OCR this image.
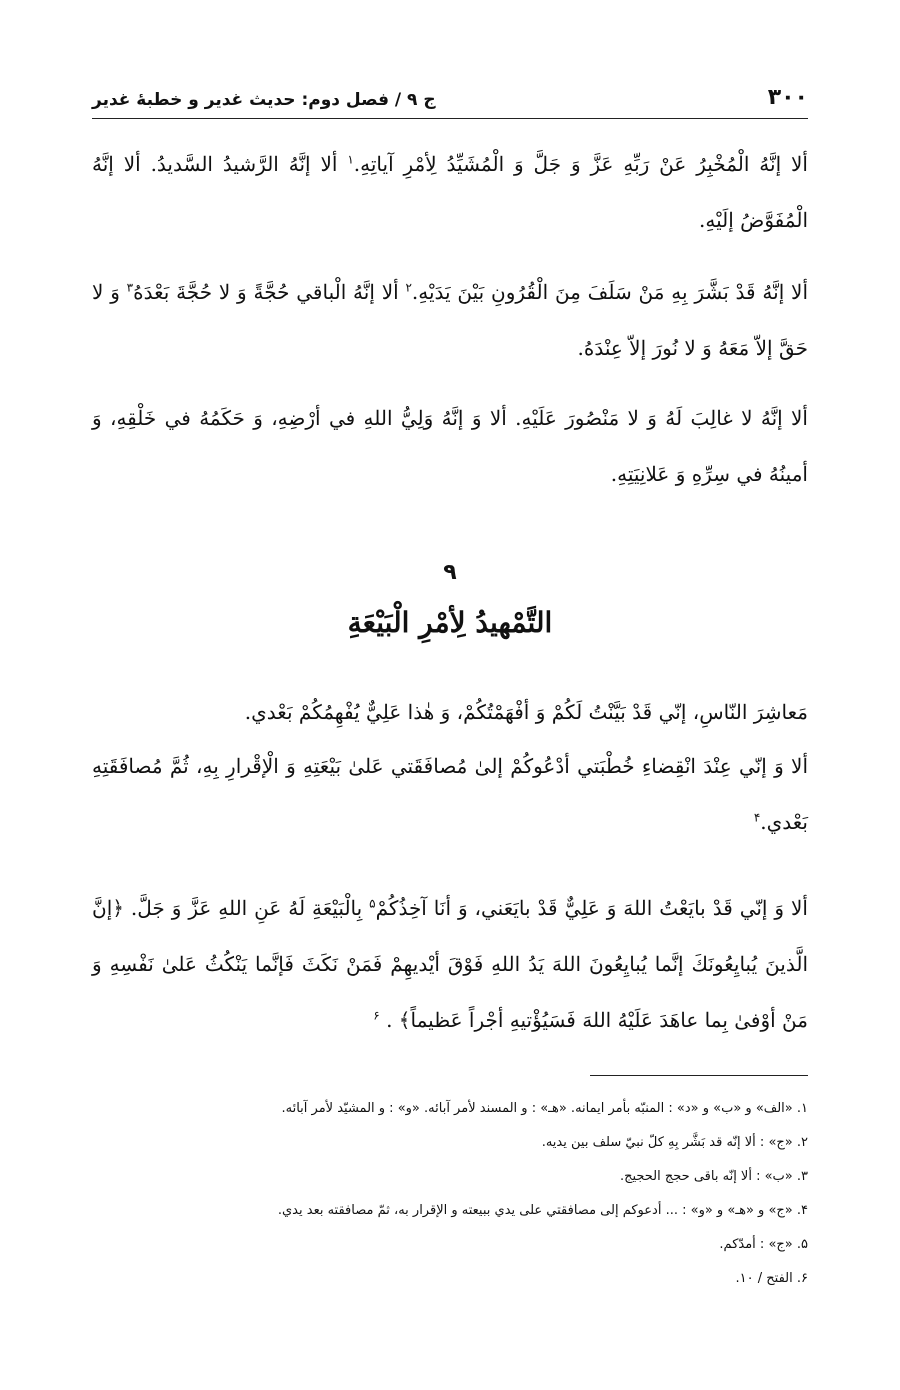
۳۰۰
ج ۹ / فصل دوم: حدیث غدیر و خطبهٔ غدیر

ألا إنَّهُ الْمُخْبِرُ عَنْ رَبِّهِ عَزَّ وَ جَلَّ وَ الْمُشَيِّدُ لِأمْرِ آياتِهِ.$^١$ ألا إنَّهُ الرَّشيدُ السَّديدُ. ألا إنَّهُ الْمُفَوَّضُ إلَيْهِ.

ألا إنَّهُ قَدْ بَشَّرَ بِهِ مَنْ سَلَفَ مِنَ الْقُرُونِ بَيْنَ يَدَيْهِ.$^٢$ ألا إنَّهُ الْباقي حُجَّةً وَ لا حُجَّةَ بَعْدَهُ$^٣$ وَ لا حَقَّ إلاّ مَعَهُ وَ لا نُورَ إلاّ عِنْدَهُ.

ألا إنَّهُ لا غالِبَ لَهُ وَ لا مَنْصُورَ عَلَيْهِ. ألا وَ إنَّهُ وَلِيُّ اللهِ في أرْضِهِ، وَ حَكَمُهُ في خَلْقِهِ، وَ أمينُهُ في سِرِّهِ وَ عَلانِيَتِهِ.

۹
التَّمْهيدُ لِأمْرِ الْبَيْعَةِ

مَعاشِرَ النّاسِ، إنّي قَدْ بَيَّنْتُ لَكُمْ وَ أفْهَمْتُكُمْ، وَ هٰذا عَلِيٌّ يُفْهِمُكُمْ بَعْدي.

ألا وَ إنّي عِنْدَ انْقِضاءِ خُطْبَتي أدْعُوكُمْ إلىٰ مُصافَقَتي عَلىٰ بَيْعَتِهِ وَ الْإقْرارِ بِهِ، ثُمَّ مُصافَقَتِهِ بَعْدي.$^۴$

ألا وَ إنّي قَدْ بايَعْتُ اللهَ وَ عَلِيٌّ قَدْ بايَعَني، وَ أنَا آخِذُكُمْ$^۵$ بِالْبَيْعَةِ لَهُ عَنِ اللهِ عَزَّ وَ جَلَّ. ﴿إنَّ الَّذينَ يُبايِعُونَكَ إنَّما يُبايِعُونَ اللهَ يَدُ اللهِ فَوْقَ أيْديهِمْ فَمَنْ نَكَثَ فَإنَّما يَنْكُثُ عَلىٰ نَفْسِهِ وَ مَنْ أوْفىٰ بِما عاهَدَ عَلَيْهُ اللهَ فَسَيُؤْتيهِ أجْراً عَظيماً﴾ . $^۶$

١. «الف» و «ب» و «د» : المنبّه بأمر ايمانه. «هـ» : و المسند لأمر آبائه. «و» : و المشيّد لأمر آبائه.
٢. «ج» : ألا إنّه قد بَشَّر بِهِ كلّ نبيّ سلف بين يديه.
٣. «ب» : ألا إنّه باقى حجج الحجيج.
۴. «ج» و «هـ» و «و» : ... أدعوكم إلى مصافقتي على يدي ببيعته و الإقرار به، ثمّ مصافقته بعد يدي.
۵. «ج» : أمدّكم.
۶. الفتح / ١٠.
